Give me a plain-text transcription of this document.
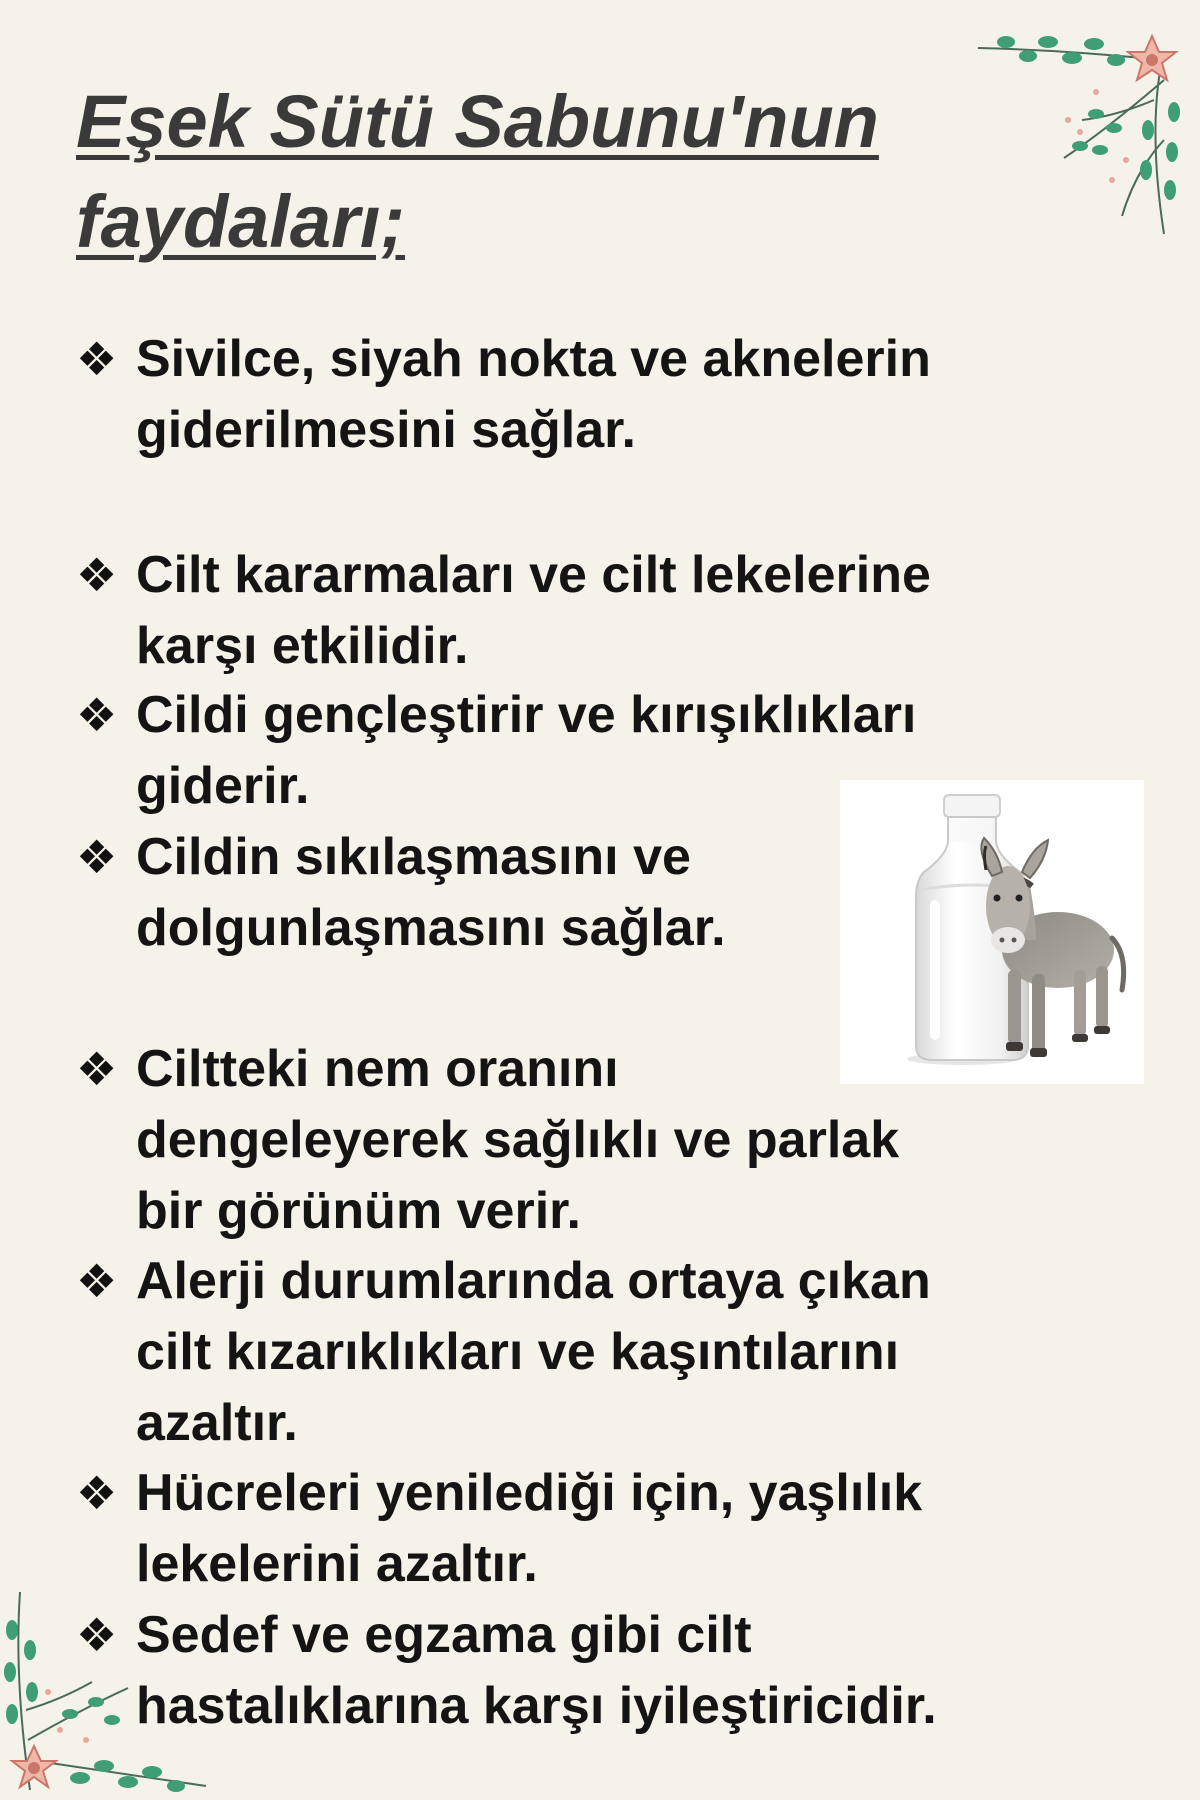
Eşek Sütü Sabunu'nun
faydaları;
❖ Sivilce, siyah nokta ve aknelerin
giderilmesini sağlar.
❖ Cilt kararmaları ve cilt lekelerine
karşı etkilidir.
❖ Cildi gençleştirir ve kırışıklıkları
giderir.
❖ Cildin sıkılaşmasını ve
dolgunlaşmasını sağlar.
❖ Ciltteki nem oranını
dengeleyerek sağlıklı ve parlak
bir görünüm verir.
❖ Alerji durumlarında ortaya çıkan
cilt kızarıklıkları ve kaşıntılarını
azaltır.
❖ Hücreleri yenilediği için, yaşlılık
lekelerini azaltır.
❖ Sedef ve egzama gibi cilt
hastalıklarına karşı iyileştiricidir.
